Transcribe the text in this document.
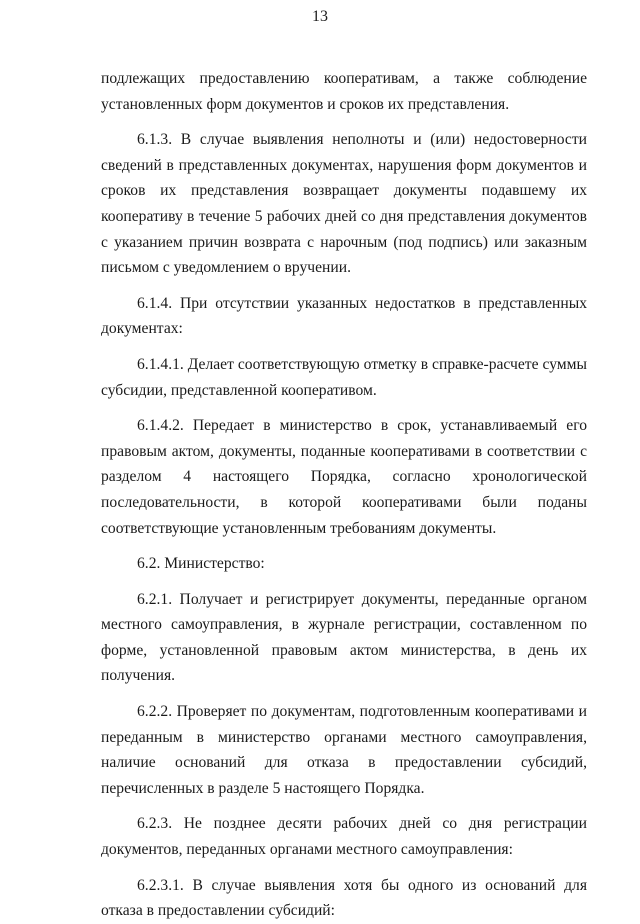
13

подлежащих предоставлению кооперативам, а также соблюдение установленных форм документов и сроков их представления.

6.1.3. В случае выявления неполноты и (или) недостоверности сведений в представленных документах, нарушения форм документов и сроков их представления возвращает документы подавшему их кооперативу в течение 5 рабочих дней со дня представления документов с указанием причин возврата с нарочным (под подпись) или заказным письмом с уведомлением о вручении.

6.1.4. При отсутствии указанных недостатков в представленных документах:

6.1.4.1. Делает соответствующую отметку в справке-расчете суммы субсидии, представленной кооперативом.

6.1.4.2. Передает в министерство в срок, устанавливаемый его правовым актом, документы, поданные кооперативами в соответствии с разделом 4 настоящего Порядка, согласно хронологической последовательности, в которой кооперативами были поданы соответствующие установленным требованиям документы.

6.2. Министерство:

6.2.1. Получает и регистрирует документы, переданные органом местного самоуправления, в журнале регистрации, составленном по форме, установленной правовым актом министерства, в день их получения.

6.2.2. Проверяет по документам, подготовленным кооперативами и переданным в министерство органами местного самоуправления, наличие оснований для отказа в предоставлении субсидий, перечисленных в разделе 5 настоящего Порядка.

6.2.3. Не позднее десяти рабочих дней со дня регистрации документов, переданных органами местного самоуправления:

6.2.3.1. В случае выявления хотя бы одного из оснований для отказа в предоставлении субсидий:
